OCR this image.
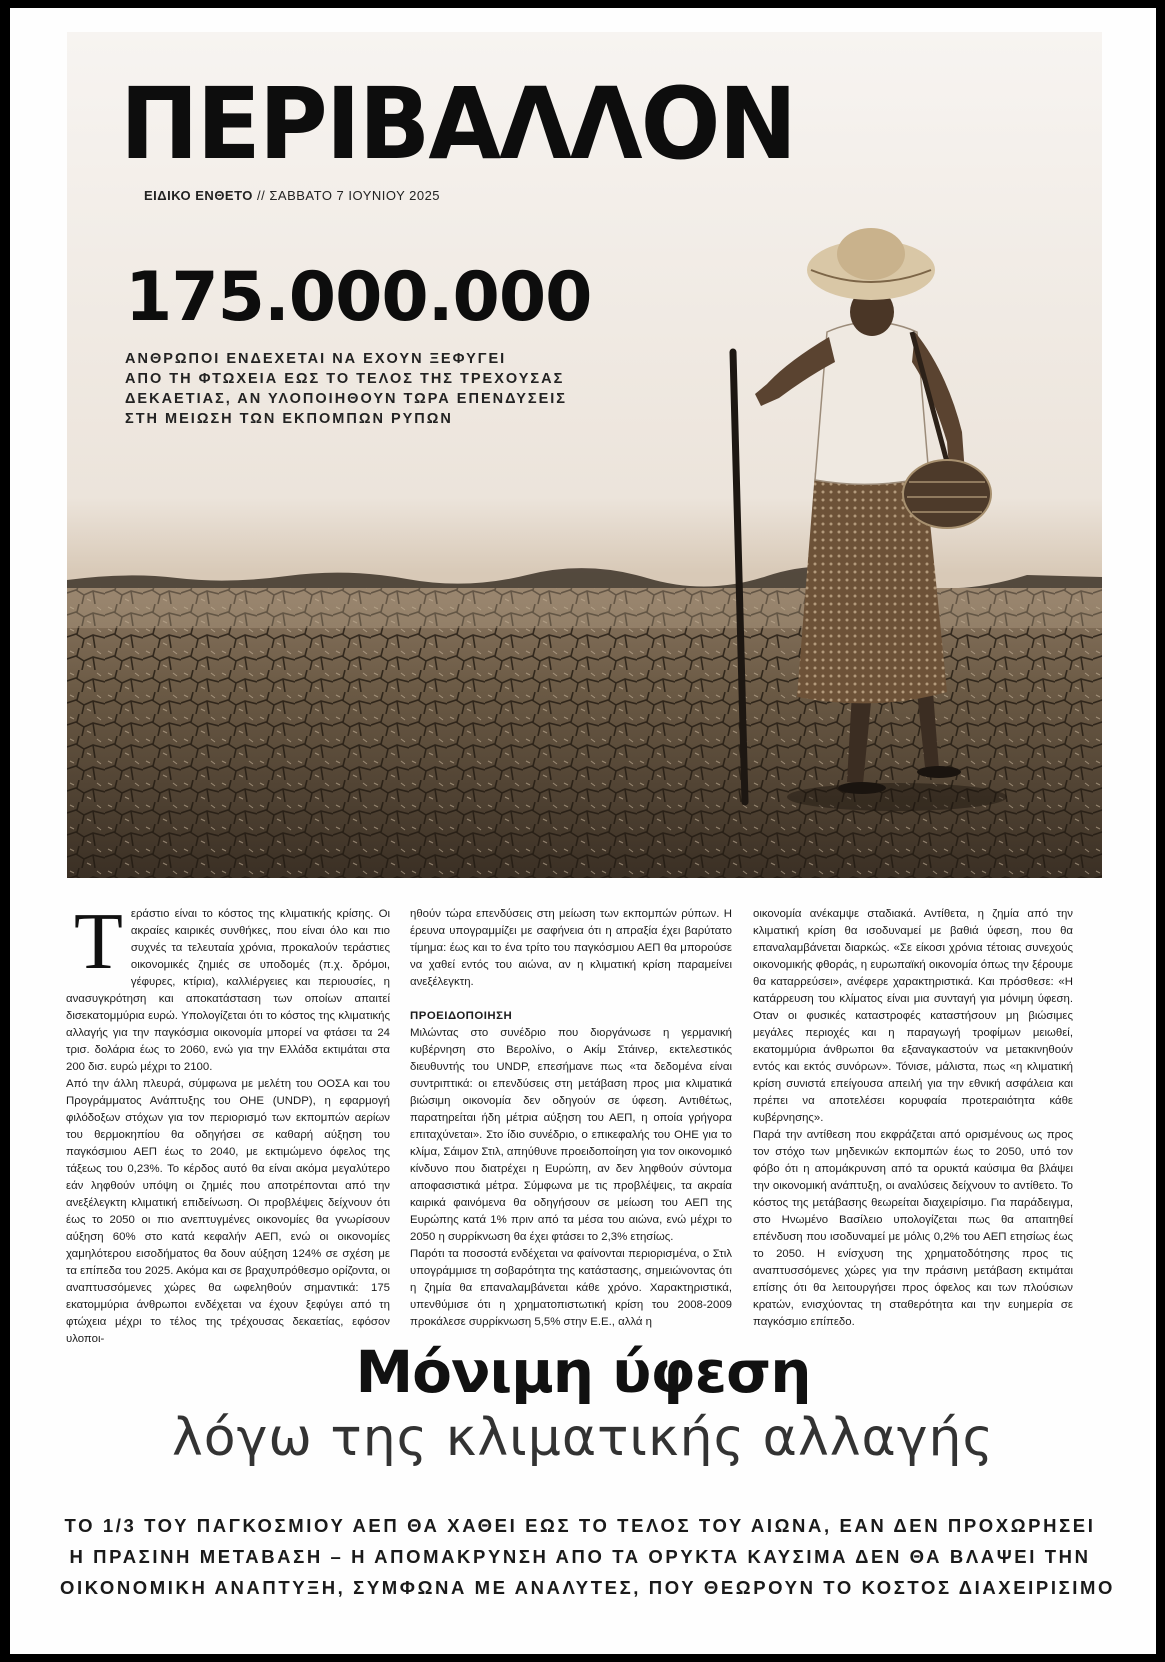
ΠΕΡΙΒΑΛΛΟΝ
ΕΙΔΙΚΟ ΕΝΘΕΤΟ // ΣΑΒΒΑΤΟ 7 ΙΟΥΝΙΟΥ 2025
175.000.000
ΑΝΘΡΩΠΟΙ ΕΝΔΕΧΕΤΑΙ ΝΑ ΕΧΟΥΝ ΞΕΦΥΓΕΙ
ΑΠΟ ΤΗ ΦΤΩΧΕΙΑ ΕΩΣ ΤΟ ΤΕΛΟΣ ΤΗΣ ΤΡΕΧΟΥΣΑΣ
ΔΕΚΑΕΤΙΑΣ, ΑΝ ΥΛΟΠΟΙΗΘΟΥΝ ΤΩΡΑ ΕΠΕΝΔΥΣΕΙΣ
ΣΤΗ ΜΕΙΩΣΗ ΤΩΝ ΕΚΠΟΜΠΩΝ ΡΥΠΩΝ
Τ εράστιο είναι το κόστος της κλιματικής κρίσης. Οι ακραίες καιρικές συνθήκες, που είναι όλο και πιο συχνές τα τελευταία χρόνια, προκαλούν τεράστιες οικονομικές ζημιές σε υποδομές (π.χ. δρόμοι, γέφυρες, κτίρια), καλλιέργειες και περιουσίες, η ανασυγκρότηση και αποκατάσταση των οποίων απαιτεί δισεκατομμύρια ευρώ. Υπολογίζεται ότι το κόστος της κλιματικής αλλαγής για την παγκόσμια οικονομία μπορεί να φτάσει τα 24 τρισ. δολάρια έως το 2060, ενώ για την Ελλάδα εκτιμάται στα 200 δισ. ευρώ μέχρι το 2100.

Από την άλλη πλευρά, σύμφωνα με μελέτη του ΟΟΣΑ και του Προγράμματος Ανάπτυξης του ΟΗΕ (UNDP), η εφαρμογή φιλόδοξων στόχων για τον περιορισμό των εκπομπών αερίων του θερμοκηπίου θα οδηγήσει σε καθαρή αύξηση του παγκόσμιου ΑΕΠ έως το 2040, με εκτιμώμενο όφελος της τάξεως του 0,23%. Το κέρδος αυτό θα είναι ακόμα μεγαλύτερο εάν ληφθούν υπόψη οι ζημιές που αποτρέπονται από την ανεξέλεγκτη κλιματική επιδείνωση. Οι προβλέψεις δείχνουν ότι έως το 2050 οι πιο ανεπτυγμένες οικονομίες θα γνωρίσουν αύξηση 60% στο κατά κεφαλήν ΑΕΠ, ενώ οι οικονομίες χαμηλότερου εισοδήματος θα δουν αύξηση 124% σε σχέση με τα επίπεδα του 2025. Ακόμα και σε βραχυπρόθεσμο ορίζοντα, οι αναπτυσσόμενες χώρες θα ωφεληθούν σημαντικά: 175 εκατομμύρια άνθρωποι ενδέχεται να έχουν ξεφύγει από τη φτώχεια μέχρι το τέλος της τρέχουσας δεκαετίας, εφόσον υλοποι-

ηθούν τώρα επενδύσεις στη μείωση των εκπομπών ρύπων. Η έρευνα υπογραμμίζει με σαφήνεια ότι η απραξία έχει βαρύτατο τίμημα: έως και το ένα τρίτο του παγκόσμιου ΑΕΠ θα μπορούσε να χαθεί εντός του αιώνα, αν η κλιματική κρίση παραμείνει ανεξέλεγκτη.

ΠΡΟΕΙΔΟΠΟΙΗΣΗ

Μιλώντας στο συνέδριο που διοργάνωσε η γερμανική κυβέρνηση στο Βερολίνο, ο Ακίμ Στάινερ, εκτελεστικός διευθυντής του UNDP, επεσήμανε πως «τα δεδομένα είναι συντριπτικά: οι επενδύσεις στη μετάβαση προς μια κλιματικά βιώσιμη οικονομία δεν οδηγούν σε ύφεση. Αντιθέτως, παρατηρείται ήδη μέτρια αύξηση του ΑΕΠ, η οποία γρήγορα επιταχύνεται». Στο ίδιο συνέδριο, ο επικεφαλής του ΟΗΕ για το κλίμα, Σάιμον Στιλ, απηύθυνε προειδοποίηση για τον οικονομικό κίνδυνο που διατρέχει η Ευρώπη, αν δεν ληφθούν σύντομα αποφασιστικά μέτρα. Σύμφωνα με τις προβλέψεις, τα ακραία καιρικά φαινόμενα θα οδηγήσουν σε μείωση του ΑΕΠ της Ευρώπης κατά 1% πριν από τα μέσα του αιώνα, ενώ μέχρι το 2050 η συρρίκνωση θα έχει φτάσει το 2,3% ετησίως.

Παρότι τα ποσοστά ενδέχεται να φαίνονται περιορισμένα, ο Στιλ υπογράμμισε τη σοβαρότητα της κατάστασης, σημειώνοντας ότι η ζημία θα επαναλαμβάνεται κάθε χρόνο. Χαρακτηριστικά, υπενθύμισε ότι η χρηματοπιστωτική κρίση του 2008-2009 προκάλεσε συρρίκνωση 5,5% στην Ε.Ε., αλλά η

οικονομία ανέκαμψε σταδιακά. Αντίθετα, η ζημία από την κλιματική κρίση θα ισοδυναμεί με βαθιά ύφεση, που θα επαναλαμβάνεται διαρκώς. «Σε είκοσι χρόνια τέτοιας συνεχούς οικονομικής φθοράς, η ευρωπαϊκή οικονομία όπως την ξέρουμε θα καταρρεύσει», ανέφερε χαρακτηριστικά. Και πρόσθεσε: «Η κατάρρευση του κλίματος είναι μια συνταγή για μόνιμη ύφεση. Οταν οι φυσικές καταστροφές καταστήσουν μη βιώσιμες μεγάλες περιοχές και η παραγωγή τροφίμων μειωθεί, εκατομμύρια άνθρωποι θα εξαναγκαστούν να μετακινηθούν εντός και εκτός συνόρων». Τόνισε, μάλιστα, πως «η κλιματική κρίση συνιστά επείγουσα απειλή για την εθνική ασφάλεια και πρέπει να αποτελέσει κορυφαία προτεραιότητα κάθε κυβέρνησης».

Παρά την αντίθεση που εκφράζεται από ορισμένους ως προς τον στόχο των μηδενικών εκπομπών έως το 2050, υπό τον φόβο ότι η απομάκρυνση από τα ορυκτά καύσιμα θα βλάψει την οικονομική ανάπτυξη, οι αναλύσεις δείχνουν το αντίθετο. Το κόστος της μετάβασης θεωρείται διαχειρίσιμο. Για παράδειγμα, στο Ηνωμένο Βασίλειο υπολογίζεται πως θα απαιτηθεί επένδυση που ισοδυναμεί με μόλις 0,2% του ΑΕΠ ετησίως έως το 2050. Η ενίσχυση της χρηματοδότησης προς τις αναπτυσσόμενες χώρες για την πράσινη μετάβαση εκτιμάται επίσης ότι θα λειτουργήσει προς όφελος και των πλούσιων κρατών, ενισχύοντας τη σταθερότητα και την ευημερία σε παγκόσμιο επίπεδο.

Μόνιμη ύφεση
λόγω της κλιματικής αλλαγής
ΤΟ 1/3 ΤΟΥ ΠΑΓΚΟΣΜΙΟΥ ΑΕΠ ΘΑ ΧΑΘΕΙ ΕΩΣ ΤΟ ΤΕΛΟΣ ΤΟΥ ΑΙΩΝΑ, ΕΑΝ ΔΕΝ ΠΡΟΧΩΡΗΣΕΙ
Η ΠΡΑΣΙΝΗ ΜΕΤΑΒΑΣΗ – Η ΑΠΟΜΑΚΡΥΝΣΗ ΑΠΟ ΤΑ ΟΡΥΚΤΑ ΚΑΥΣΙΜΑ ΔΕΝ ΘΑ ΒΛΑΨΕΙ ΤΗΝ
ΟΙΚΟΝΟΜΙΚΗ ΑΝΑΠΤΥΞΗ, ΣΥΜΦΩΝΑ ΜΕ ΑΝΑΛΥΤΕΣ, ΠΟΥ ΘΕΩΡΟΥΝ ΤΟ ΚΟΣΤΟΣ ΔΙΑΧΕΙΡΙΣΙΜΟ
